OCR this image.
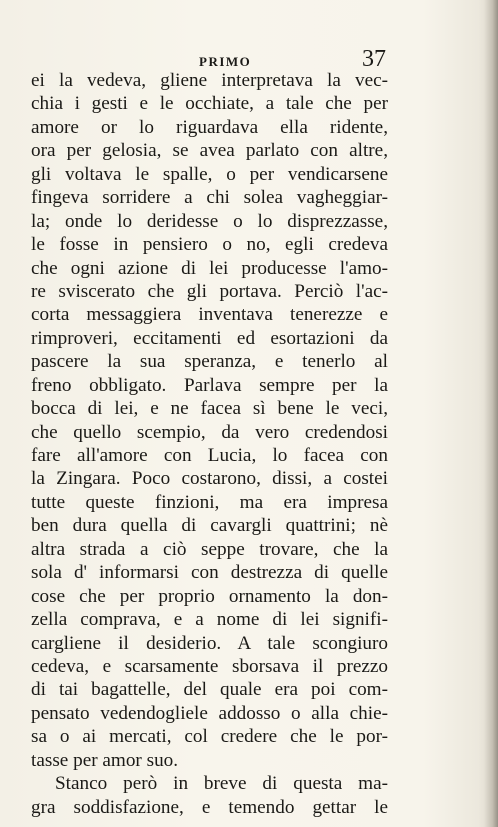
PRIMO	37
ei la vedeva, gliene interpretava la vec-
chia i gesti e le occhiate, a tale che per
amore or lo riguardava ella ridente,
ora per gelosia, se avea parlato con altre,
gli voltava le spalle, o per vendicarsene
fingeva sorridere a chi solea vagheggiar-
la; onde lo deridesse o lo disprezzasse,
le fosse in pensiero o no, egli credeva
che ogni azione di lei producesse l'amo-
re sviscerato che gli portava. Perciò l'ac-
corta messaggiera inventava tenerezze e
rimproveri, eccitamenti ed esortazioni da
pascere la sua speranza, e tenerlo al
freno obbligato. Parlava sempre per la
bocca di lei, e ne facea sì bene le veci,
che quello scempio, da vero credendosi
fare all'amore con Lucia, lo facea con
la Zingara. Poco costarono, dissi, a costei
tutte queste finzioni, ma era impresa
ben dura quella di cavargli quattrini; nè
altra strada a ciò seppe trovare, che la
sola d' informarsi con destrezza di quelle
cose che per proprio ornamento la don-
zella comprava, e a nome di lei signifi-
cargliene il desiderio. A tale scongiuro
cedeva, e scarsamente sborsava il prezzo
di tai bagattelle, del quale era poi com-
pensato vedendogliele addosso o alla chie-
sa o ai mercati, col credere che le por-
tasse per amor suo.
Stanco però in breve di questa ma-
gra soddisfazione, e temendo gettar le
